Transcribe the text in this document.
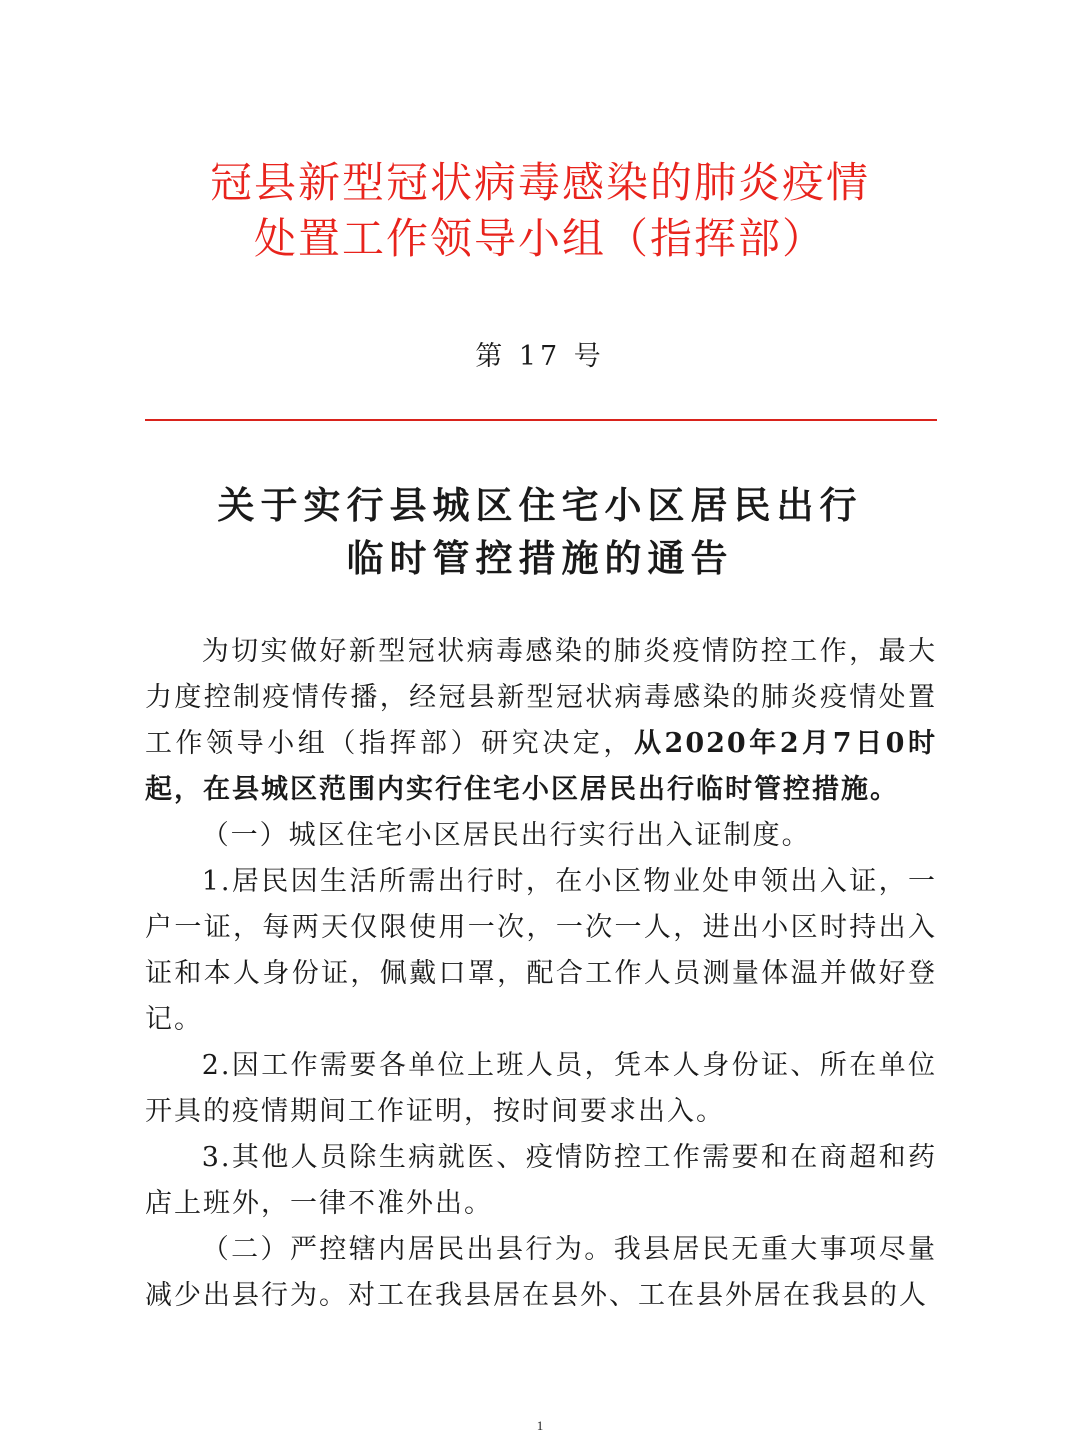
冠县新型冠状病毒感染的肺炎疫情
处置工作领导小组（指挥部）
第 17 号
关于实行县城区住宅小区居民出行
临时管控措施的通告

为切实做好新型冠状病毒感染的肺炎疫情防控工作，最大力度控制疫情传播，经冠县新型冠状病毒感染的肺炎疫情处置工作领导小组（指挥部）研究决定，从2020年2月7日0时起，在县城区范围内实行住宅小区居民出行临时管控措施。

（一）城区住宅小区居民出行实行出入证制度。

1.居民因生活所需出行时，在小区物业处申领出入证，一户一证，每两天仅限使用一次，一次一人，进出小区时持出入证和本人身份证，佩戴口罩，配合工作人员测量体温并做好登记。

2.因工作需要各单位上班人员，凭本人身份证、所在单位开具的疫情期间工作证明，按时间要求出入。

3.其他人员除生病就医、疫情防控工作需要和在商超和药店上班外，一律不准外出。

（二）严控辖内居民出县行为。我县居民无重大事项尽量减少出县行为。对工在我县居在县外、工在县外居在我县的人

1
